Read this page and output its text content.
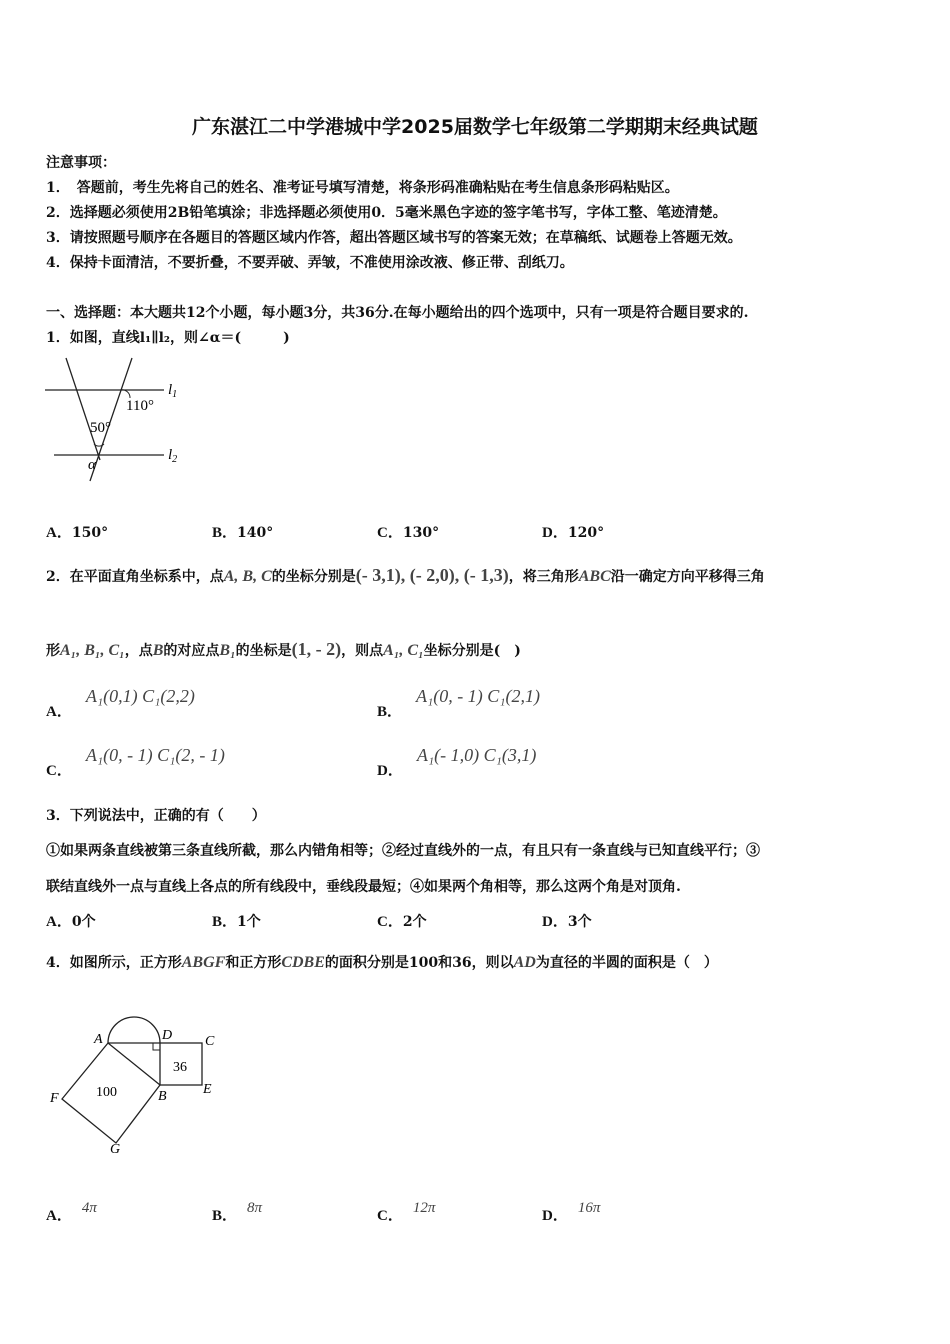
广东湛江二中学港城中学2025届数学七年级第二学期期末经典试题
注意事项：
1．　答题前，考生先将自己的姓名、准考证号填写清楚，将条形码准确粘贴在考生信息条形码粘贴区。
2．选择题必须使用2B铅笔填涂；非选择题必须使用0．5毫米黑色字迹的签字笔书写，字体工整、笔迹清楚。
3．请按照题号顺序在各题目的答题区域内作答，超出答题区域书写的答案无效；在草稿纸、试题卷上答题无效。
4．保持卡面清洁，不要折叠，不要弄破、弄皱，不准使用涂改液、修正带、刮纸刀。
一、选择题：本大题共12个小题，每小题3分，共36分.在每小题给出的四个选项中，只有一项是符合题目要求的.
1．如图，直线l₁∥l₂，则∠α＝(　　　)
$l_1$
$l_2$
110°
50°
α
A．150°	B．140°	C．130°	D．120°
2．在平面直角坐标系中，点A, B, C的坐标分别是(- 3,1), (- 2,0), (- 1,3)，将三角形ABC沿一确定方向平移得三角
形A₁, B₁, C₁，点B的对应点B₁的坐标是(1, - 2)，则点A₁, C₁坐标分别是(　)
A．A₁(0,1) C₁(2,2)
B．A₁(0, - 1) C₁(2,1)
C．A₁(0, - 1) C₁(2, - 1)
D．A₁(- 1,0) C₁(3,1)
3．下列说法中，正确的有（　　）
①如果两条直线被第三条直线所截，那么内错角相等；②经过直线外的一点，有且只有一条直线与已知直线平行；③
联结直线外一点与直线上各点的所有线段中，垂线段最短；④如果两个角相等，那么这两个角是对顶角.
A．0个	B．1个	C．2个	D．3个
4．如图所示，正方形ABGF和正方形CDBE的面积分别是100和36，则以AD为直径的半圆的面积是（　）
A	D C
E
B
F
G
100
36
A． 4π	B． 8π	C． 12π	D． 16π
